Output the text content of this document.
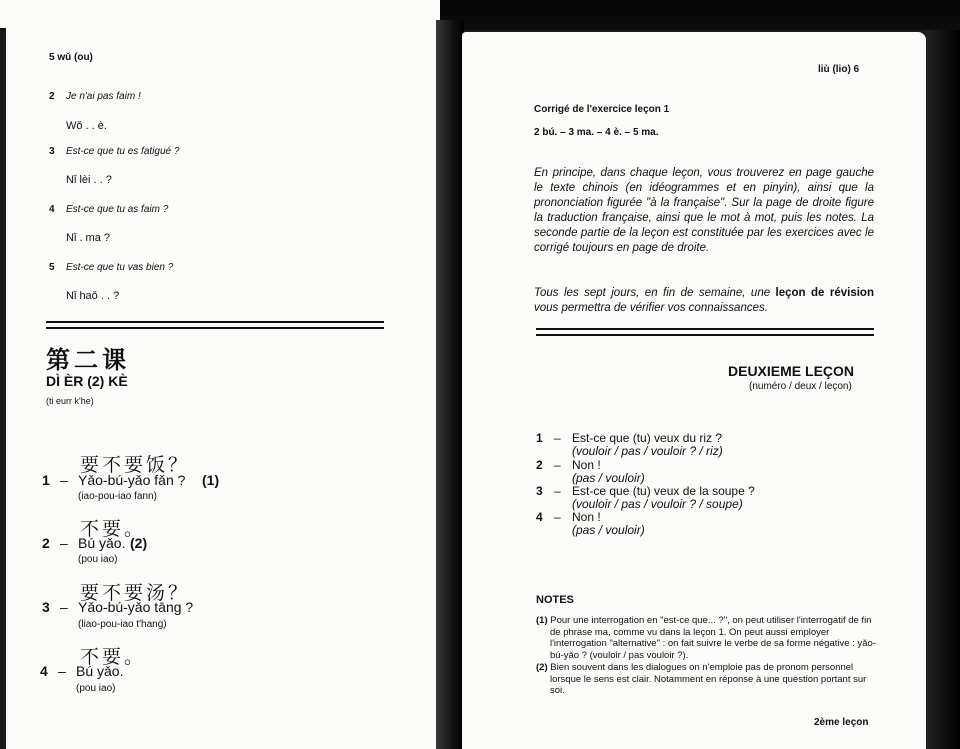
5 wǔ (ou)
2 Je n'ai pas faim !
Wǒ . . è.
3 Est-ce que tu es fatigué ?
Nǐ lèi . . ?
4 Est-ce que tu as faim ?
Nǐ . ma ?
5 Est-ce que tu vas bien ?
Nǐ haǒ . . ?
第二课
DÌ ÈR (2) KÈ
(ti eurr k'he)
要不要饭？
1 – Yǎo-bú-yǎo fǎn ? (1)
(iao-pou-iao fann)
不要。
2 – Bú yǎo. (2)
(pou iao)
要不要汤？
3 – Yǎo-bú-yǎo tāng ?
(liao-pou-iao t'hang)
不要。
4 – Bú yǎo.
(pou iao)
liù (lio) 6
Corrigé de l'exercice leçon 1
2 bú. – 3 ma. – 4 è. – 5 ma.
En principe, dans chaque leçon, vous trouverez en page gauche le texte chinois (en idéogrammes et en pinyin), ainsi que la prononciation figurée "à la française". Sur la page de droite figure la traduction française, ainsi que le mot à mot, puis les notes. La seconde partie de la leçon est constituée par les exercices avec le corrigé toujours en page de droite.
Tous les sept jours, en fin de semaine, une leçon de révision vous permettra de vérifier vos connaissances.
DEUXIEME LEÇON
(numéro / deux / leçon)
1 – Est-ce que (tu) veux du riz ?
(vouloir / pas / vouloir ? / riz)
2 – Non !
(pas / vouloir)
3 – Est-ce que (tu) veux de la soupe ?
(vouloir / pas / vouloir ? / soupe)
4 – Non !
(pas / vouloir)
NOTES
(1) Pour une interrogation en "est-ce que... ?", on peut utiliser l'interrogatif de fin de phrase ma, comme vu dans la leçon 1. On peut aussi employer l'interrogation "alternative" : on fait suivre le verbe de sa forme négative : yǎo-bú-yǎo ? (vouloir / pas vouloir ?).
(2) Bien souvent dans les dialogues on n'emploie pas de pronom personnel lorsque le sens est clair. Notamment en réponse à une question portant sur soi.
2ème leçon
